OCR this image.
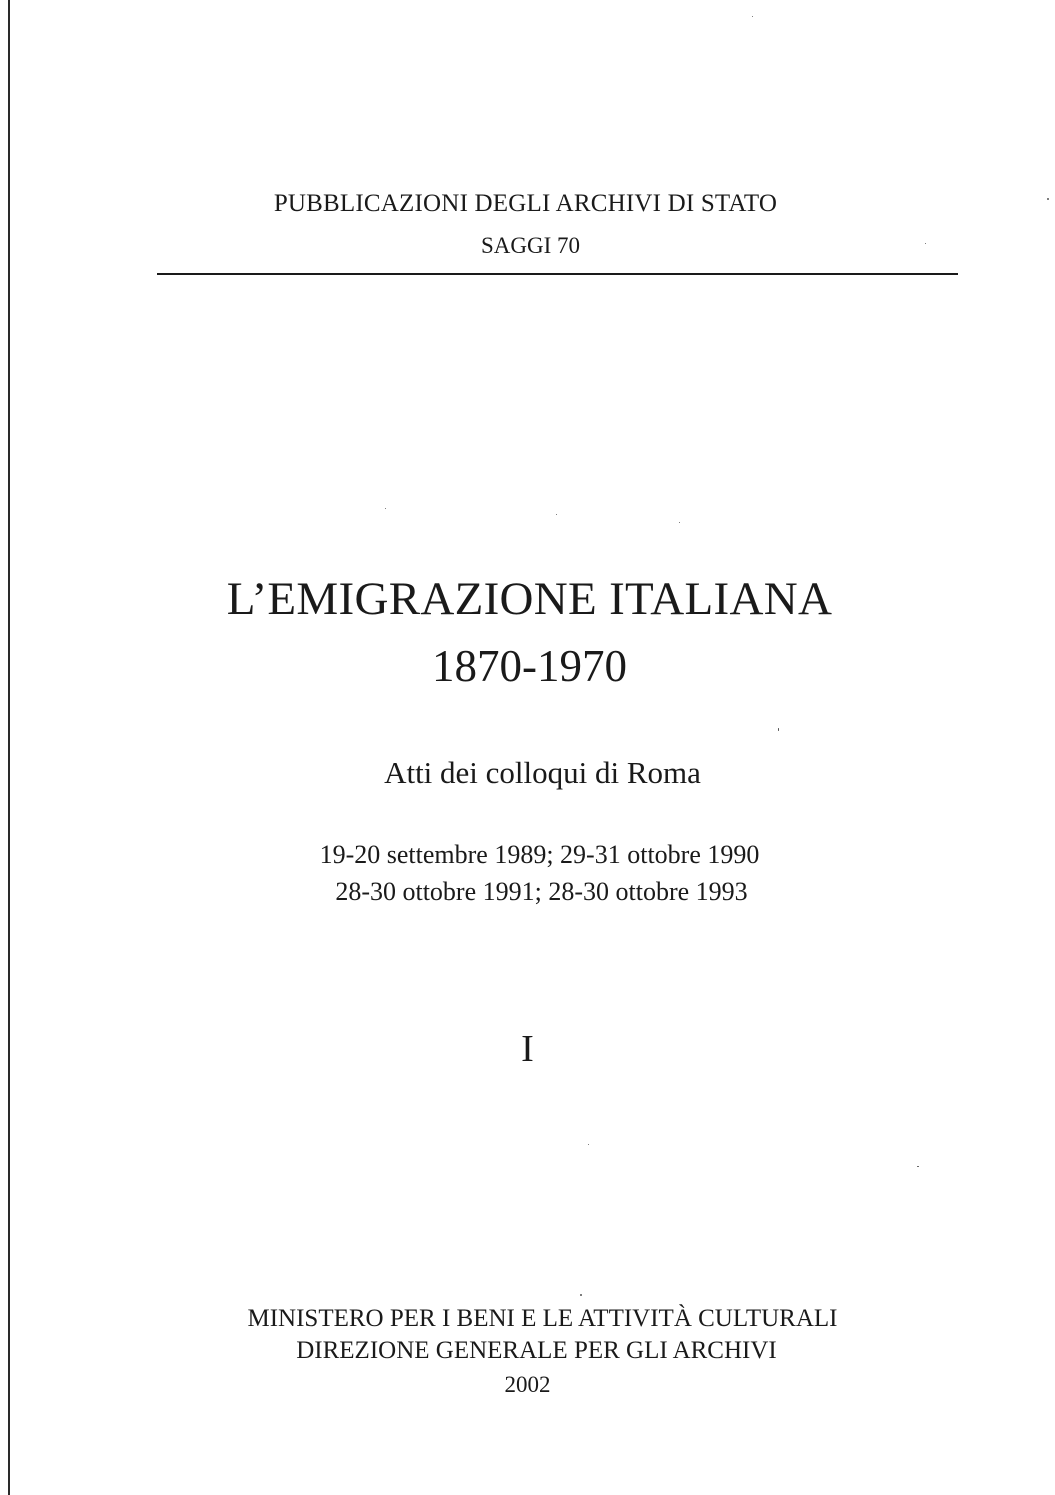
PUBBLICAZIONI DEGLI ARCHIVI DI STATO
SAGGI 70
L’EMIGRAZIONE ITALIANA
1870-1970
Atti dei colloqui di Roma
19-20 settembre 1989; 29-31 ottobre 1990
28-30 ottobre 1991; 28-30 ottobre 1993
I
MINISTERO PER I BENI E LE ATTIVITÀ CULTURALI
DIREZIONE GENERALE PER GLI ARCHIVI
2002
